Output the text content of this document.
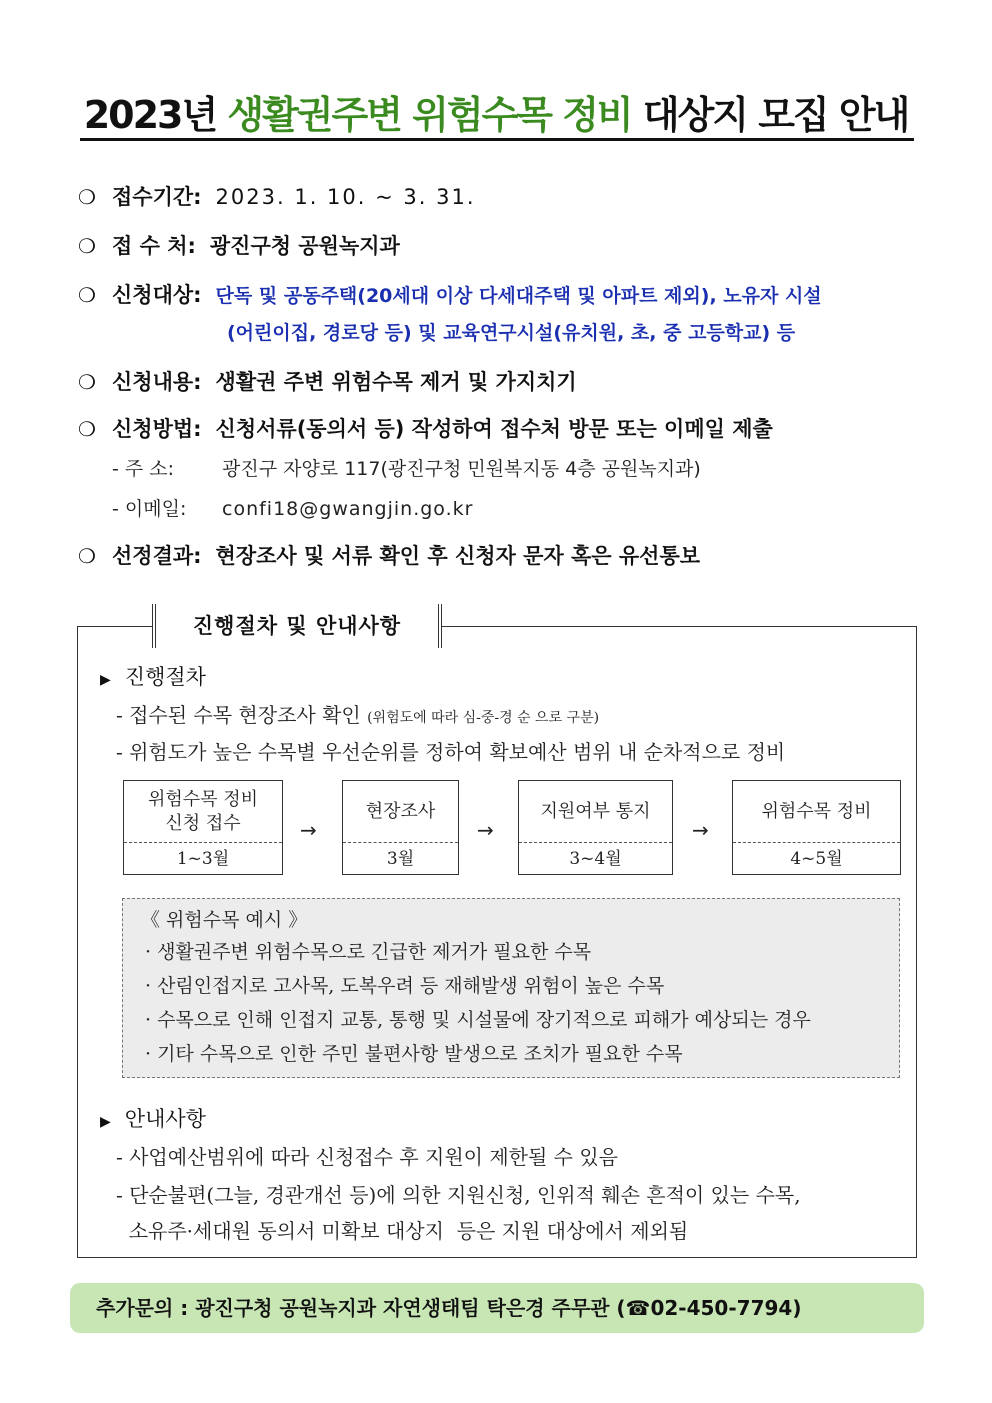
2023년 생활권주변 위험수목 정비 대상지 모집 안내
❍ 접수기간: 2023. 1. 10. ~ 3. 31.
❍ 접 수 처: 광진구청 공원녹지과
❍ 신청대상: 단독 및 공동주택(20세대 이상 다세대주택 및 아파트 제외), 노유자 시설
(어린이집, 경로당 등) 및 교육연구시설(유치원, 초, 중 고등학교) 등
❍ 신청내용: 생활권 주변 위험수목 제거 및 가지치기
❍ 신청방법: 신청서류(동의서 등) 작성하여 접수처 방문 또는 이메일 제출
- 주 소:	광진구 자양로 117(광진구청 민원복지동 4층 공원녹지과)
- 이메일: confi18@gwangjin.go.kr
❍ 선정결과: 현장조사 및 서류 확인 후 신청자 문자 혹은 유선통보
진행절차 및 안내사항
▶ 진행절차
- 접수된 수목 현장조사 확인 (위험도에 따라 심-중-경 순 으로 구분)
- 위험도가 높은 수목별 우선순위를 정하여 확보예산 범위 내 순차적으로 정비
위험수목 정비
신청 접수
1~3월
→
현장조사
3월
→
지원여부 통지
3~4월
→
위험수목 정비
4~5월
《 위험수목 예시 》
· 생활권주변 위험수목으로 긴급한 제거가 필요한 수목
· 산림인접지로 고사목, 도복우려 등 재해발생 위험이 높은 수목
· 수목으로 인해 인접지 교통, 통행 및 시설물에 장기적으로 피해가 예상되는 경우
· 기타 수목으로 인한 주민 불편사항 발생으로 조치가 필요한 수목
▶ 안내사항
- 사업예산범위에 따라 신청접수 후 지원이 제한될 수 있음
- 단순불편(그늘, 경관개선 등)에 의한 지원신청, 인위적 훼손 흔적이 있는 수목,
소유주·세대원 동의서 미확보 대상지  등은 지원 대상에서 제외됨
추가문의 : 광진구청 공원녹지과 자연생태팀 탁은경 주무관 (☎02-450-7794)
